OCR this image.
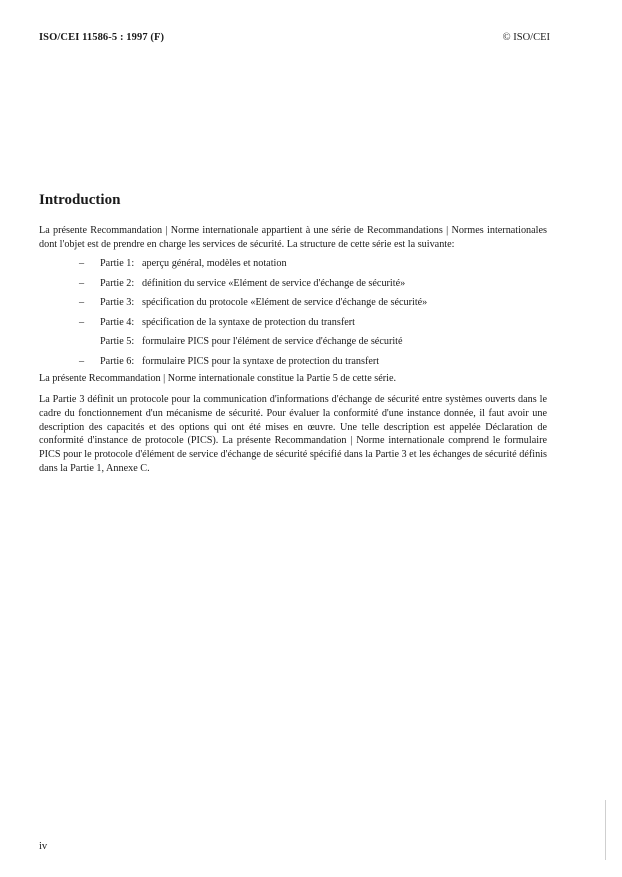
ISO/CEI 11586-5 : 1997 (F)	© ISO/CEI
Introduction

La présente Recommandation | Norme internationale appartient à une série de Recommandations | Normes internationales dont l'objet est de prendre en charge les services de sécurité. La structure de cette série est la suivante:

– Partie 1: aperçu général, modèles et notation
– Partie 2: définition du service «Elément de service d'échange de sécurité»
– Partie 3: spécification du protocole «Elément de service d'échange de sécurité»
– Partie 4: spécification de la syntaxe de protection du transfert
Partie 5: formulaire PICS pour l'élément de service d'échange de sécurité
– Partie 6: formulaire PICS pour la syntaxe de protection du transfert

La présente Recommandation | Norme internationale constitue la Partie 5 de cette série.

La Partie 3 définit un protocole pour la communication d'informations d'échange de sécurité entre systèmes ouverts dans le cadre du fonctionnement d'un mécanisme de sécurité. Pour évaluer la conformité d'une instance donnée, il faut avoir une description des capacités et des options qui ont été mises en œuvre. Une telle description est appelée Déclaration de conformité d'instance de protocole (PICS). La présente Recommandation | Norme internationale comprend le formulaire PICS pour le protocole d'élément de service d'échange de sécurité spécifié dans la Partie 3 et les échanges de sécurité définis dans la Partie 1, Annexe C.

iv
